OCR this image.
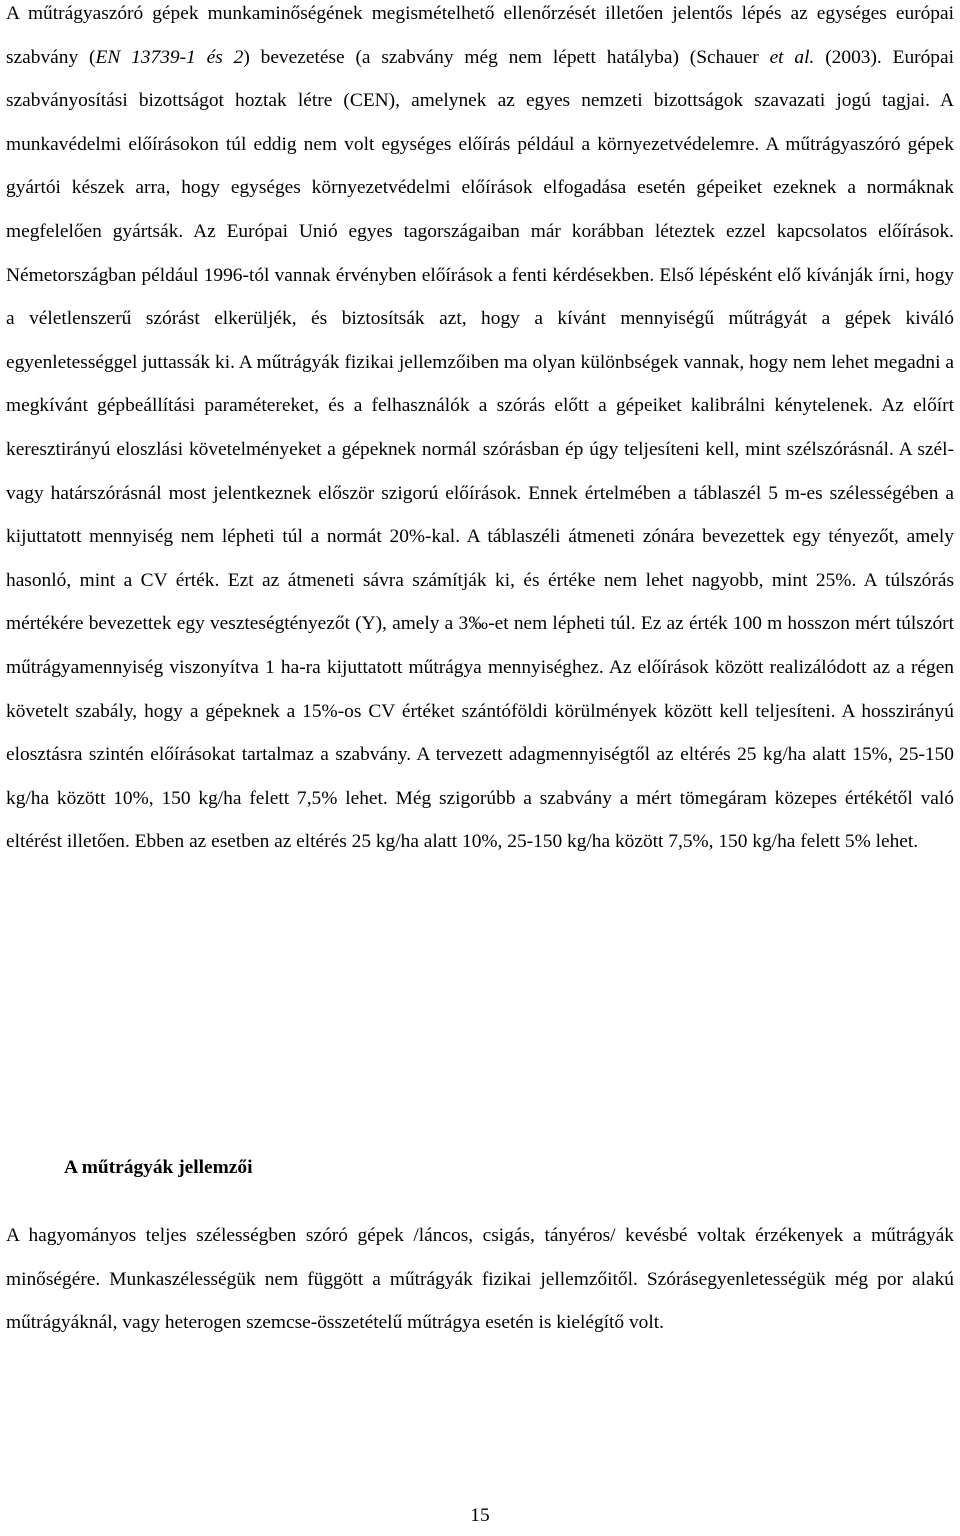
A műtrágyaszóró gépek munkaminőségének megismételhető ellenőrzését illetően jelentős lépés az egységes európai szabvány (EN 13739-1 és 2) bevezetése (a szabvány még nem lépett hatályba) (Schauer et al. (2003). Európai szabványosítási bizottságot hoztak létre (CEN), amelynek az egyes nemzeti bizottságok szavazati jogú tagjai. A munkavédelmi előírásokon túl eddig nem volt egységes előírás például a környezetvédelemre. A műtrágyaszóró gépek gyártói készek arra, hogy egységes környezetvédelmi előírások elfogadása esetén gépeiket ezeknek a normáknak megfelelően gyártsák. Az Európai Unió egyes tagországaiban már korábban léteztek ezzel kapcsolatos előírások. Németországban például 1996-tól vannak érvényben előírások a fenti kérdésekben. Első lépésként elő kívánják írni, hogy a véletlenszerű szórást elkerüljék, és biztosítsák azt, hogy a kívánt mennyiségű műtrágyát a gépek kiváló egyenletességgel juttassák ki. A műtrágyák fizikai jellemzőiben ma olyan különbségek vannak, hogy nem lehet megadni a megkívánt gépbeállítási paramétereket, és a felhasználók a szórás előtt a gépeiket kalibrálni kénytelenek. Az előírt keresztirányú eloszlási követelményeket a gépeknek normál szórásban ép úgy teljesíteni kell, mint szélszórásnál. A szél- vagy határszórásnál most jelentkeznek először szigorú előírások. Ennek értelmében a táblaszél 5 m-es szélességében a kijuttatott mennyiség nem lépheti túl a normát 20%-kal. A táblaszéli átmeneti zónára bevezettek egy tényezőt, amely hasonló, mint a CV érték. Ezt az átmeneti sávra számítják ki, és értéke nem lehet nagyobb, mint 25%. A túlszórás mértékére bevezettek egy veszteségtényezőt (Y), amely a 3‰-et nem lépheti túl. Ez az érték 100 m hosszon mért túlszórt műtrágyamennyiség viszonyítva 1 ha-ra kijuttatott műtrágya mennyiséghez. Az előírások között realizálódott az a régen követelt szabály, hogy a gépeknek a 15%-os CV értéket szántóföldi körülmények között kell teljesíteni. A hosszirányú elosztásra szintén előírásokat tartalmaz a szabvány. A tervezett adagmennyiségtől az eltérés 25 kg/ha alatt 15%, 25-150 kg/ha között 10%, 150 kg/ha felett 7,5% lehet. Még szigorúbb a szabvány a mért tömegáram közepes értékétől való eltérést illetően. Ebben az esetben az eltérés 25 kg/ha alatt 10%, 25-150 kg/ha között 7,5%, 150 kg/ha felett 5% lehet.

A műtrágyák jellemzői

A hagyományos teljes szélességben szóró gépek /láncos, csigás, tányéros/ kevésbé voltak érzékenyek a műtrágyák minőségére. Munkaszélességük nem függött a műtrágyák fizikai jellemzőitől. Szórásegyenletességük még por alakú műtrágyáknál, vagy heterogen szemcse-összetételű műtrágya esetén is kielégítő volt.

15
